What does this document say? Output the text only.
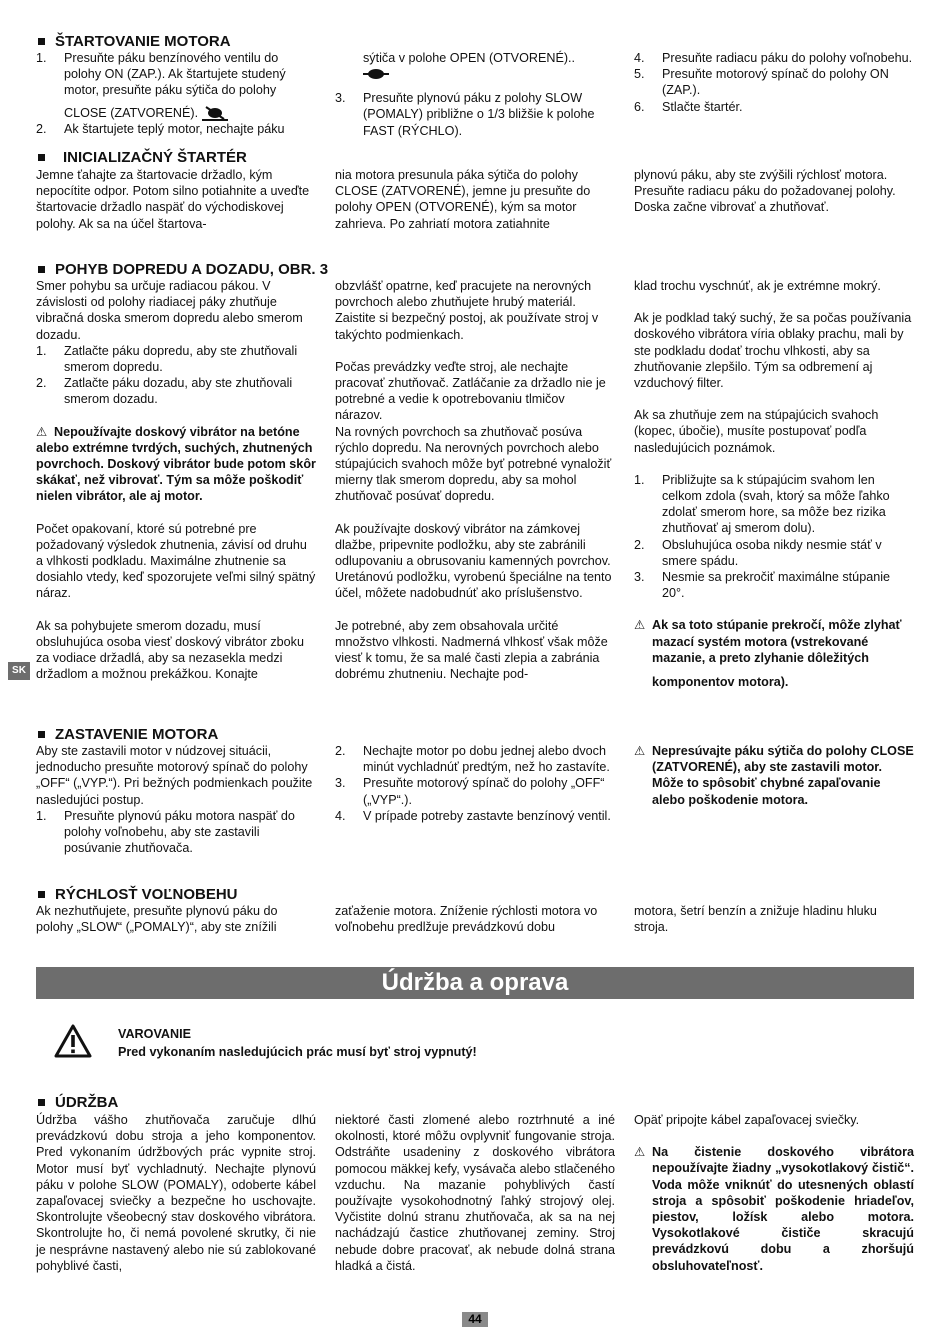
ŠTARTOVANIE MOTORA
1. Presuňte páku benzínového ventilu do polohy ON (ZAP.). Ak štartujete studený motor, presuňte páku sýtiča do polohy

CLOSE (ZATVORENÉ).

2. Ak štartujete teplý motor, nechajte páku

sýtiča v polohe OPEN (OTVORENÉ)..

3. Presuňte plynovú páku z polohy SLOW (POMALY) približne o 1/3 bližšie k polohe FAST (RÝCHLO).

4. Presuňte radiacu páku do polohy voľnobehu.

5. Presuňte motorový spínač do polohy ON (ZAP.).

6. Stlačte štartér.

INICIALIZAČNÝ ŠTARTÉR

Jemne ťahajte za štartovacie držadlo, kým nepocítite odpor. Potom silno potiahnite a uveďte štartovacie držadlo naspäť do východiskovej polohy. Ak sa na účel štartova-

nia motora presunula páka sýtiča do polohy CLOSE (ZATVORENÉ), jemne ju presuňte do polohy OPEN (OTVORENÉ), kým sa motor zahrieva. Po zahriatí motora zatiahnite

plynovú páku, aby ste zvýšili rýchlosť motora. Presuňte radiacu páku do požadovanej polohy. Doska začne vibrovať a zhutňovať.

POHYB DOPREDU A DOZADU, OBR. 3

Smer pohybu sa určuje radiacou pákou. V závislosti od polohy riadiacej páky zhutňuje vibračná doska smerom dopredu alebo smerom dozadu.

1. Zatlačte páku dopredu, aby ste zhutňovali smerom dopredu.

2. Zatlačte páku dozadu, aby ste zhutňovali smerom dozadu.

⚠ Nepoužívajte doskový vibrátor na betóne alebo extrémne tvrdých, suchých, zhutnených povrchoch. Doskový vibrátor bude potom skôr skákať, než vibrovať. Tým sa môže poškodiť nielen vibrátor, ale aj motor.

Počet opakovaní, ktoré sú potrebné pre požadovaný výsledok zhutnenia, závisí od druhu a vlhkosti podkladu. Maximálne zhutnenie sa dosiahlo vtedy, keď spozorujete veľmi silný spätný náraz.

Ak sa pohybujete smerom dozadu, musí obsluhujúca osoba viesť doskový vibrátor zboku za vodiace držadlá, aby sa nezasekla medzi držadlom a možnou prekážkou. Konajte

obzvlášť opatrne, keď pracujete na nerovných povrchoch alebo zhutňujete hrubý materiál. Zaistite si bezpečný postoj, ak používate stroj v takýchto podmienkach.

Počas prevádzky veďte stroj, ale nechajte pracovať zhutňovač. Zatláčanie za držadlo nie je potrebné a vedie k opotrebovaniu tlmičov nárazov.

Na rovných povrchoch sa zhutňovač posúva rýchlo dopredu. Na nerovných povrchoch alebo stúpajúcich svahoch môže byť potrebné vynaložiť mierny tlak smerom dopredu, aby sa mohol zhutňovač posúvať dopredu.

Ak používajte doskový vibrátor na zámkovej dlažbe, pripevnite podložku, aby ste zabránili odlupovaniu a obrusovaniu kamenných povrchov. Uretánovú podložku, vyrobenú špeciálne na tento účel, môžete nadobudnúť ako príslušenstvo.

Je potrebné, aby zem obsahovala určité množstvo vlhkosti. Nadmerná vlhkosť však môže viesť k tomu, že sa malé časti zlepia a zabránia dobrému zhutneniu. Nechajte pod-

klad trochu vyschnúť, ak je extrémne mokrý.

Ak je podklad taký suchý, že sa počas používania doskového vibrátora víria oblaky prachu, mali by ste podkladu dodať trochu vlhkosti, aby sa zhutňovanie zlepšilo. Tým sa odbremení aj vzduchový filter.

Ak sa zhutňuje zem na stúpajúcich svahoch (kopec, úbočie), musíte postupovať podľa nasledujúcich poznámok.

1. Približujte sa k stúpajúcim svahom len celkom zdola (svah, ktorý sa môže ľahko zdolať smerom hore, sa môže bez rizika zhutňovať aj smerom dolu).

2. Obsluhujúca osoba nikdy nesmie stáť v smere spádu.

3. Nesmie sa prekročiť maximálne stúpanie 20°.

⚠ Ak sa toto stúpanie prekročí, môže zlyhať mazací systém motora (vstrekované mazanie, a preto zlyhanie dôležitých

komponentov motora).

SK
ZASTAVENIE MOTORA

Aby ste zastavili motor v núdzovej situácii, jednoducho presuňte motorový spínač do polohy „OFF“ („VYP.“). Pri bežných podmienkach použite nasledujúci postup.

1. Presuňte plynovú páku motora naspäť do polohy voľnobehu, aby ste zastavili posúvanie zhutňovača.

2. Nechajte motor po dobu jednej alebo dvoch minút vychladnúť predtým, než ho zastavíte.

3. Presuňte motorový spínač do polohy „OFF“ („VYP“.).

4. V prípade potreby zastavte benzínový ventil.

⚠ Nepresúvajte páku sýtiča do polohy CLOSE (ZATVORENÉ), aby ste zastavili motor. Môže to spôsobiť chybné zapaľovanie alebo poškodenie motora.

RÝCHLOSŤ VOĽNOBEHU

Ak nezhutňujete, presuňte plynovú páku do polohy „SLOW“ („POMALY)“, aby ste znížili

zaťaženie motora. Zníženie rýchlosti motora vo voľnobehu predlžuje prevádzkovú dobu

motora, šetrí benzín a znižuje hladinu hluku stroja.

Údržba a oprava
VAROVANIE
Pred vykonaním nasledujúcich prác musí byť stroj vypnutý!
ÚDRŽBA

Údržba vášho zhutňovača zaručuje dlhú prevádzkovú dobu stroja a jeho komponentov. Pred vykonaním údržbových prác vypnite stroj. Motor musí byť vychladnutý. Nechajte plynovú páku v polohe SLOW (POMALY), odoberte kábel zapaľovacej sviečky a bezpečne ho uschovajte. Skontrolujte všeobecný stav doskového vibrátora. Skontrolujte ho, či nemá povolené skrutky, či nie je nesprávne nastavený alebo nie sú zablokované pohyblivé časti,

niektoré časti zlomené alebo roztrhnuté a iné okolnosti, ktoré môžu ovplyvniť fungovanie stroja. Odstráňte usadeniny z doskového vibrátora pomocou mäkkej kefy, vysávača alebo stlačeného vzduchu. Na mazanie pohyblivých častí používajte vysokohodnotný ľahký strojový olej. Vyčistite dolnú stranu zhutňovača, ak sa na nej nachádzajú častice zhutňovanej zeminy. Stroj nebude dobre pracovať, ak nebude dolná strana hladká a čistá.

Opäť pripojte kábel zapaľovacej sviečky.

⚠ Na čistenie doskového vibrátora nepoužívajte žiadny „vysokotlakový čistič“. Voda môže vniknúť do utesnených oblastí stroja a spôsobiť poškodenie hriadeľov, piestov, ložísk alebo motora. Vysokotlakové čističe skracujú prevádzkovú dobu a zhoršujú obsluhovateľnosť.

44
